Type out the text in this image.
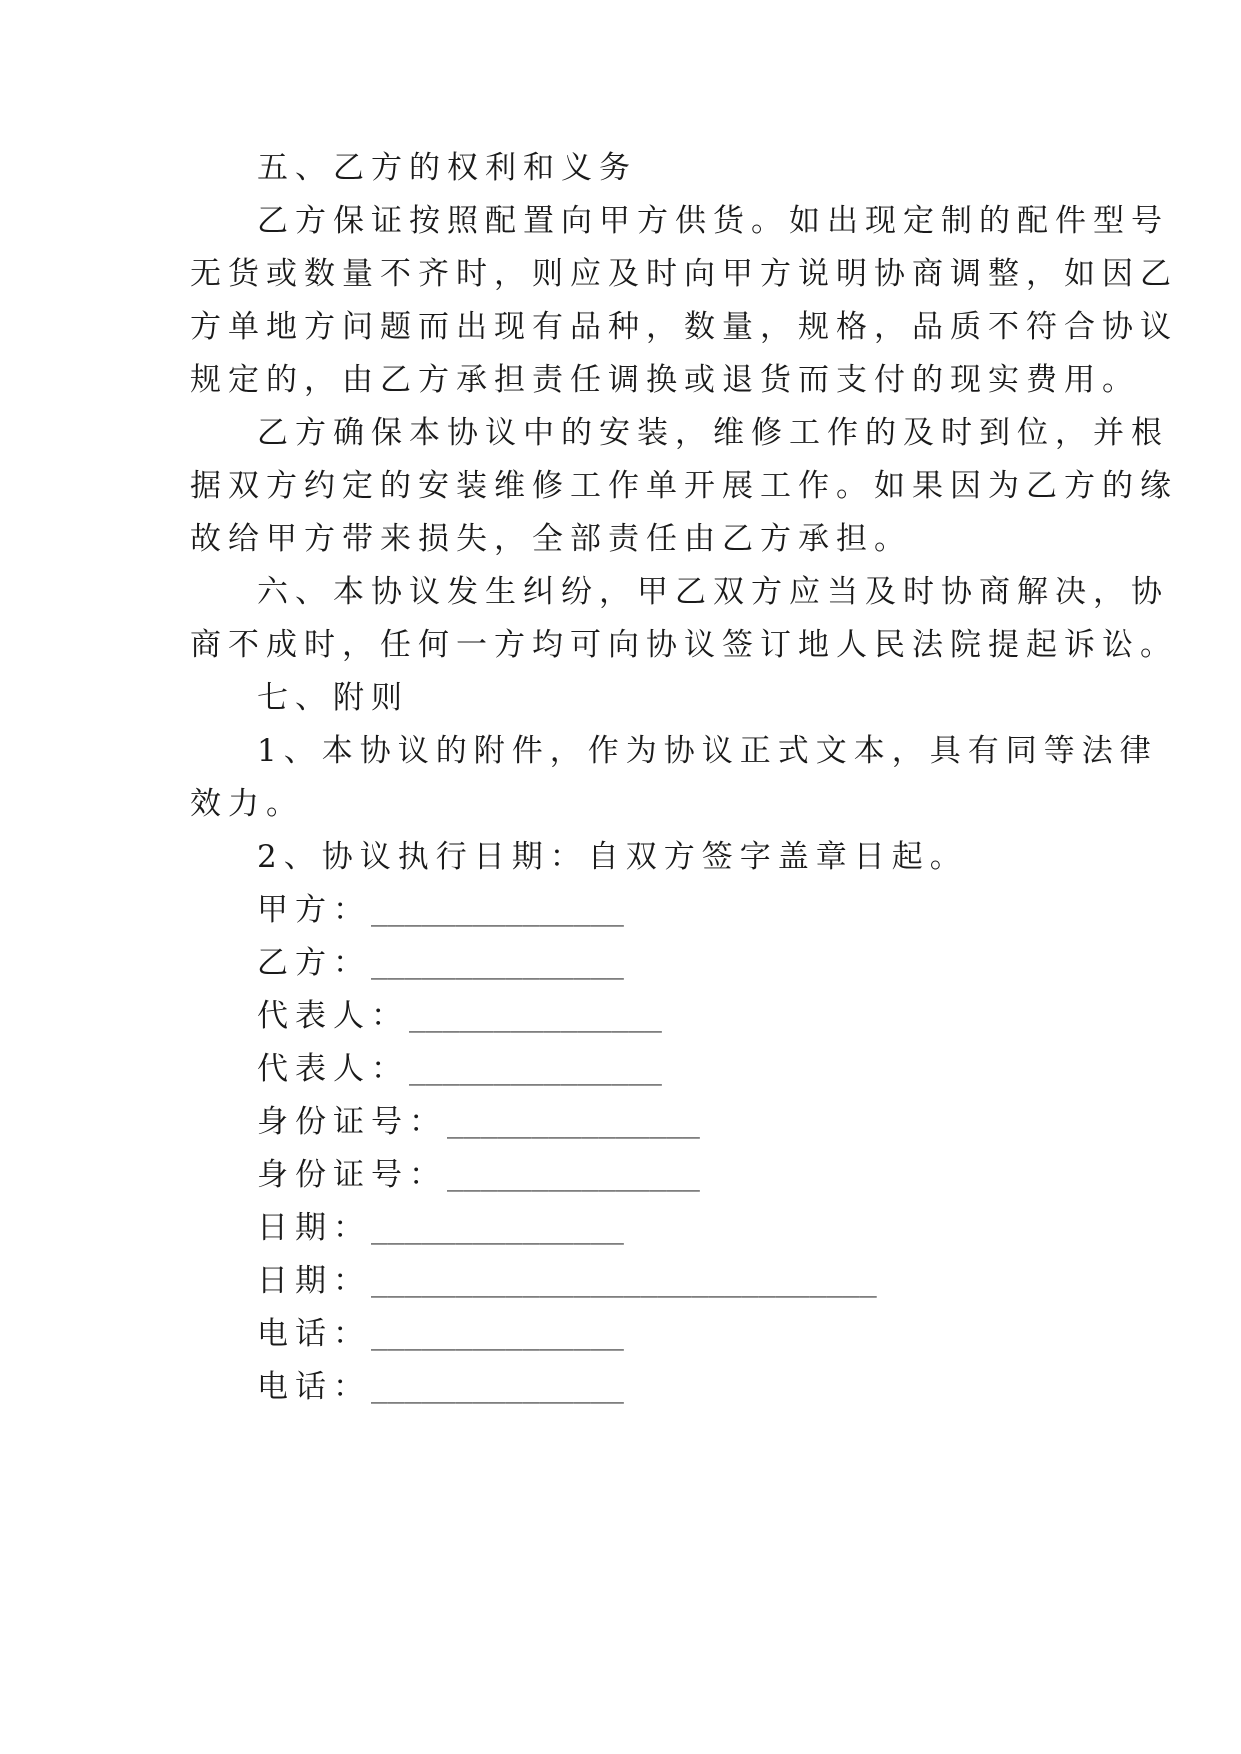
五、乙方的权利和义务
乙方保证按照配置向甲方供货。如出现定制的配件型号
无货或数量不齐时，则应及时向甲方说明协商调整，如因乙
方单地方问题而出现有品种，数量，规格，品质不符合协议
规定的，由乙方承担责任调换或退货而支付的现实费用。
乙方确保本协议中的安装，维修工作的及时到位，并根
据双方约定的安装维修工作单开展工作。如果因为乙方的缘
故给甲方带来损失，全部责任由乙方承担。
六、本协议发生纠纷，甲乙双方应当及时协商解决，协
商不成时，任何一方均可向协议签订地人民法院提起诉讼。
七、附则
1、本协议的附件，作为协议正式文本，具有同等法律
效力。
2、协议执行日期：自双方签字盖章日起。
甲方：_______________
乙方：_______________
代表人：_______________
代表人：_______________
身份证号：_______________
身份证号：_______________
日期：_______________
日期：______________________________
电话：_______________
电话：_______________
